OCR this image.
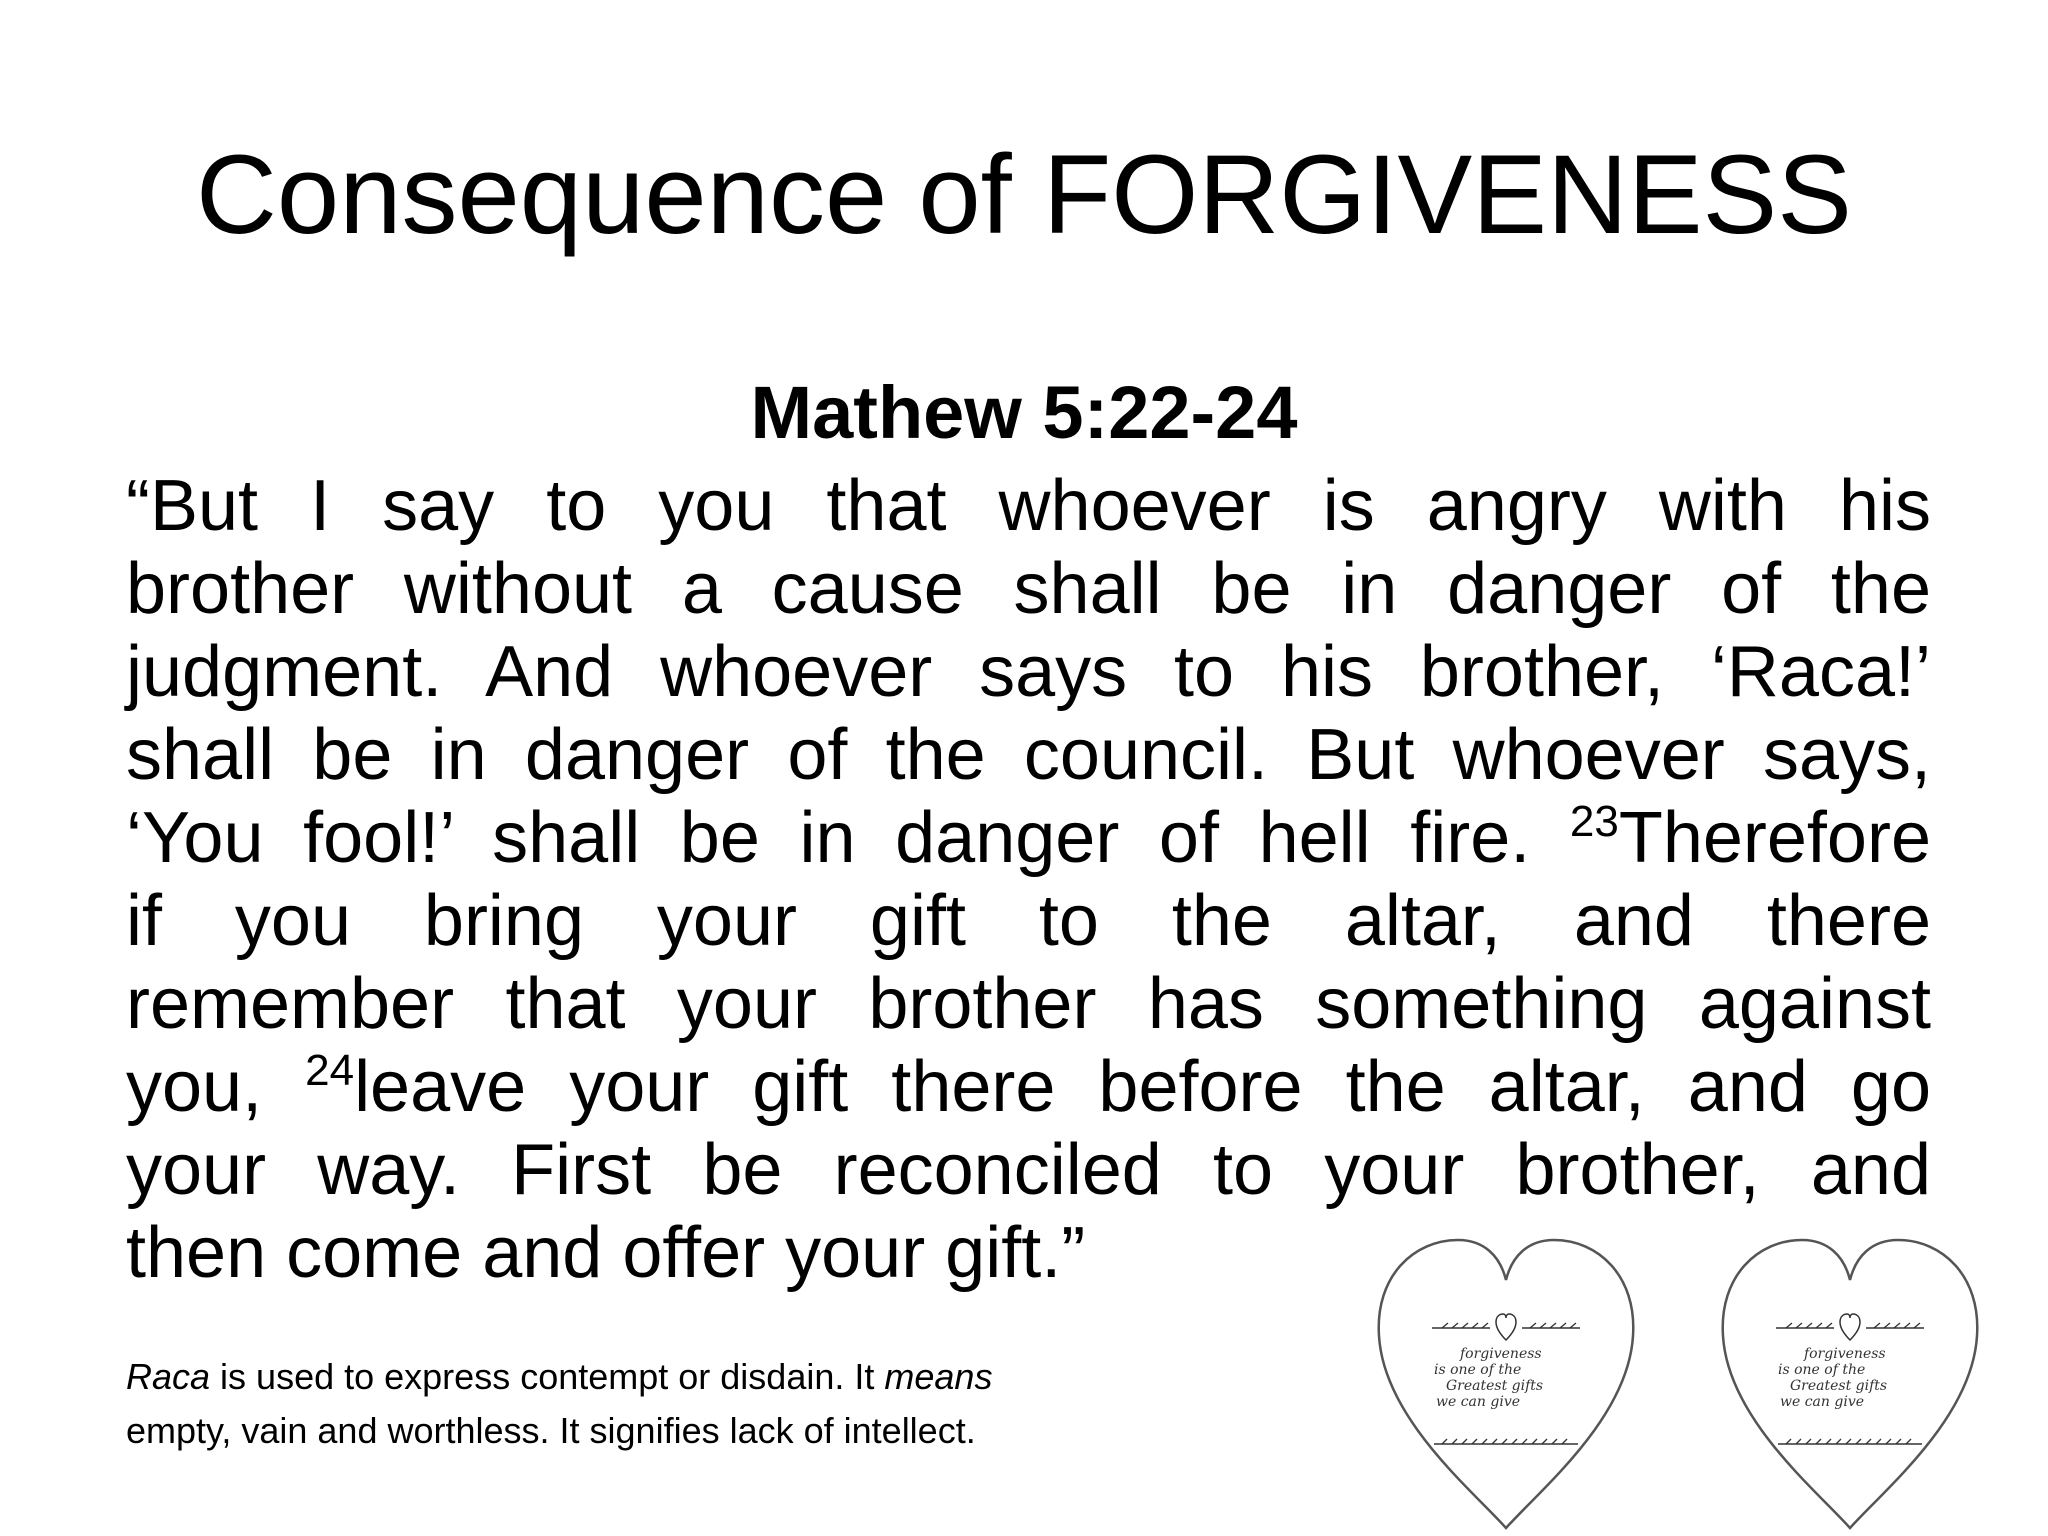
Consequence of FORGIVENESS
Mathew 5:22-24
“But I say to you that whoever is angry with his
brother without a cause shall be in danger of the
judgment. And whoever says to his brother, ‘Raca!’
shall be in danger of the council. But whoever says,
‘You fool!’ shall be in danger of hell fire. $^{23}$Therefore
if you bring your gift to the altar, and there
remember that your brother has something against
you, $^{24}$leave your gift there before the altar, and go
your way. First be reconciled to your brother, and
then come and offer your gift.”
Raca is used to express contempt or disdain. It means
empty, vain and worthless. It signifies lack of intellect.
forgiveness
is one of the
Greatest gifts
we can give
forgiveness
is one of the
Greatest gifts
we can give
